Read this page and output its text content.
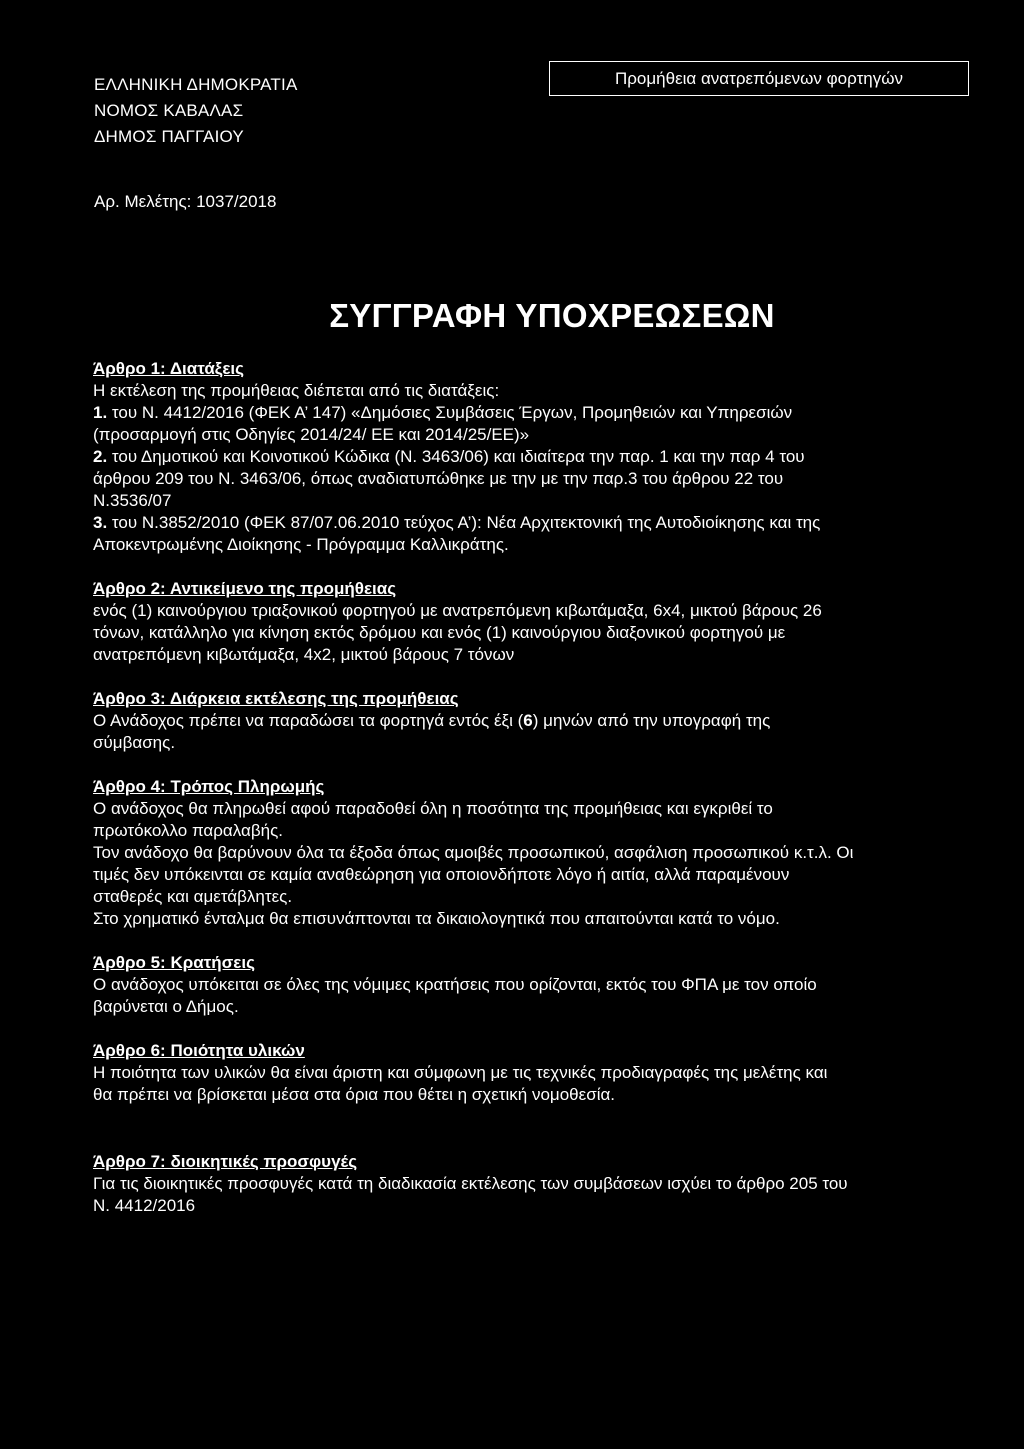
ΕΛΛΗΝΙΚΗ ΔΗΜΟΚΡΑΤΙΑ
ΝΟΜΟΣ ΚΑΒΑΛΑΣ
ΔΗΜΟΣ ΠΑΓΓΑΙΟΥ
Προμήθεια ανατρεπόμενων φορτηγών
Αρ. Μελέτης: 1037/2018
ΣΥΓΓΡΑΦΗ ΥΠΟΧΡΕΩΣΕΩΝ
Άρθρο 1: Διατάξεις
Η εκτέλεση της προμήθειας διέπεται από τις διατάξεις:
1. του Ν. 4412/2016 (ΦΕΚ Α’ 147) «Δημόσιες Συμβάσεις Έργων, Προμηθειών και Υπηρεσιών
(προσαρμογή στις Οδηγίες 2014/24/ ΕΕ και 2014/25/ΕΕ)»
2. του Δημοτικού και Κοινοτικού Κώδικα (Ν. 3463/06) και ιδιαίτερα την παρ. 1 και την παρ 4 του
άρθρου 209 του Ν. 3463/06, όπως αναδιατυπώθηκε με την με την παρ.3 του άρθρου 22 του
Ν.3536/07
3. του Ν.3852/2010 (ΦΕΚ 87/07.06.2010 τεύχος Α’): Νέα Αρχιτεκτονική της Αυτοδιοίκησης και της
Αποκεντρωμένης Διοίκησης - Πρόγραμμα Καλλικράτης.
Άρθρο 2: Αντικείμενο της προμήθειας
ενός (1) καινούργιου τριαξονικού φορτηγού με ανατρεπόμενη κιβωτάμαξα, 6x4, μικτού βάρους 26
τόνων, κατάλληλο για κίνηση εκτός δρόμου και ενός (1) καινούργιου διαξονικού φορτηγού με
ανατρεπόμενη κιβωτάμαξα, 4x2, μικτού βάρους 7 τόνων
Άρθρο 3: Διάρκεια εκτέλεσης της προμήθειας
Ο Ανάδοχος πρέπει να παραδώσει τα φορτηγά εντός έξι (6) μηνών από την υπογραφή της
σύμβασης.
Άρθρο 4: Τρόπος Πληρωμής
Ο ανάδοχος θα πληρωθεί αφού παραδοθεί όλη η ποσότητα της προμήθειας και εγκριθεί το
πρωτόκολλο παραλαβής.
Τον ανάδοχο θα βαρύνουν όλα τα έξοδα όπως αμοιβές προσωπικού, ασφάλιση προσωπικού κ.τ.λ. Οι
τιμές δεν υπόκεινται σε καμία αναθεώρηση για οποιονδήποτε λόγο ή αιτία, αλλά παραμένουν
σταθερές και αμετάβλητες.
Στο χρηματικό ένταλμα θα επισυνάπτονται τα δικαιολογητικά που απαιτούνται κατά το νόμο.
Άρθρο 5: Κρατήσεις
Ο ανάδοχος υπόκειται σε όλες της νόμιμες κρατήσεις που ορίζονται, εκτός του ΦΠΑ με τον οποίο
βαρύνεται ο Δήμος.
Άρθρο 6: Ποιότητα υλικών
Η ποιότητα των υλικών θα είναι άριστη και σύμφωνη με τις τεχνικές προδιαγραφές της μελέτης και
θα πρέπει να βρίσκεται μέσα στα όρια που θέτει η σχετική νομοθεσία.
Άρθρο 7: διοικητικές προσφυγές
Για τις διοικητικές προσφυγές κατά τη διαδικασία εκτέλεσης των συμβάσεων ισχύει το άρθρο 205 του
Ν. 4412/2016
